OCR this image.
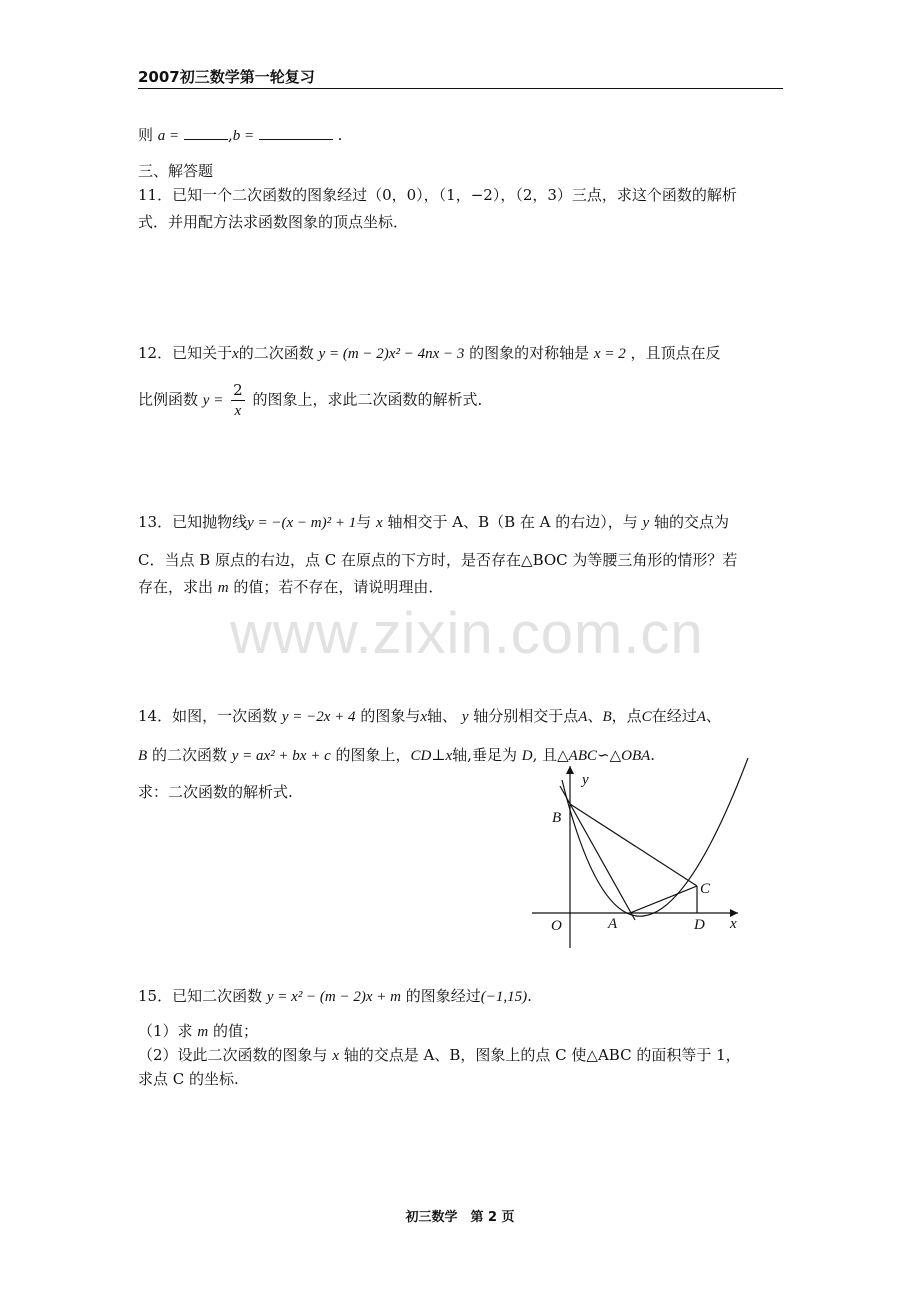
2007初三数学第一轮复习
则 a =	,b =	.
三、解答题
11．已知一个二次函数的图象经过（0，0），（1，−2），（2，3）三点，求这个函数的解析
式．并用配方法求函数图象的顶点坐标．
12．已知关于x的二次函数 y = (m − 2)x² − 4nx − 3 的图象的对称轴是 x = 2 ，且顶点在反
比例函数 $y = \frac{2}{x}$ 的图象上，求此二次函数的解析式．
13．已知抛物线y = −(x − m)² + 1与 x 轴相交于 A、B（B 在 A 的右边），与 y 轴的交点为
C．当点 B 原点的右边，点 C 在原点的下方时，是否存在△BOC 为等腰三角形的情形？若
存在，求出 m 的值；若不存在，请说明理由．
www.zixin.com.cn
14．如图，一次函数 y = −2x + 4 的图象与x轴、 y 轴分别相交于点A、B，点C在经过A、
B 的二次函数 y = ax² + bx + c 的图象上，CD⊥x轴,垂足为 D, 且△ABC∽△OBA.
求：二次函数的解析式.
y
x
B
C
O	A	D
15．已知二次函数 y = x² − (m − 2)x + m 的图象经过(−1,15).
（1）求 m 的值；
（2）设此二次函数的图象与 x 轴的交点是 A、B，图象上的点 C 使△ABC 的面积等于 1，
求点 C 的坐标.
初三数学　第 2 页
